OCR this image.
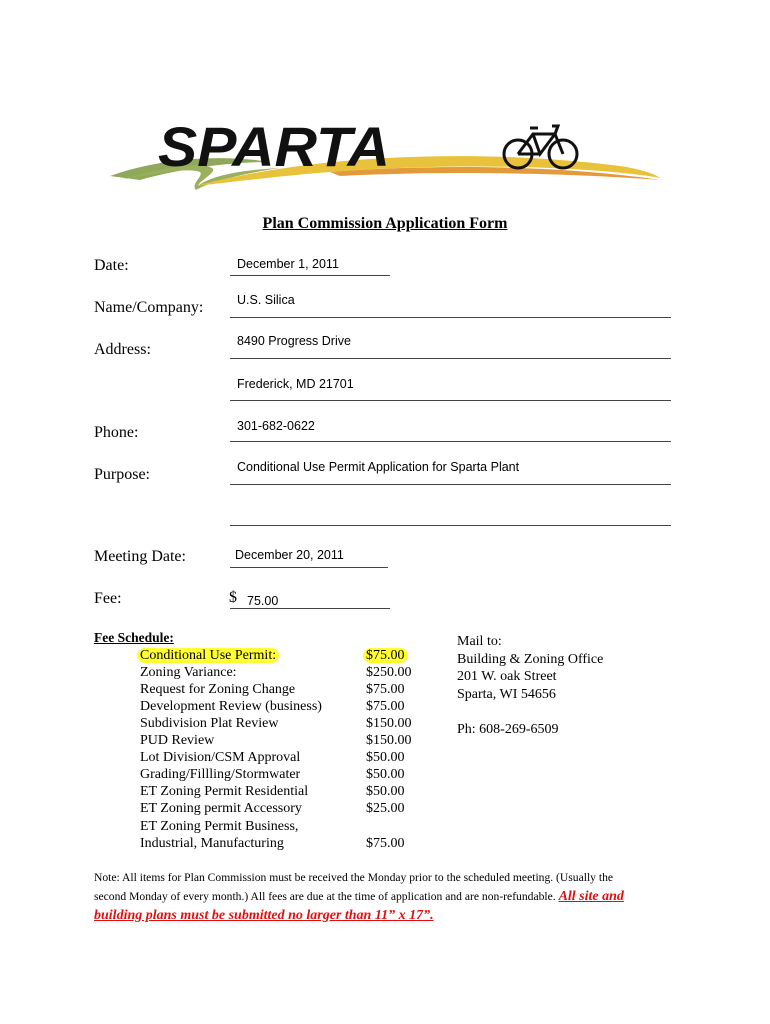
SPARTA
Plan Commission Application Form
Date:	December 1, 2011
Name/Company:	U.S. Silica
Address:	8490 Progress Drive
Frederick, MD 21701
Phone:	301-682-0622
Purpose:	Conditional Use Permit Application for Sparta Plant
Meeting Date:	December 20, 2011
Fee:	$ 75.00
Fee Schedule:
Conditional Use Permit:	$75.00
Zoning Variance:	$250.00
Request for Zoning Change	$75.00
Development Review (business)	$75.00
Subdivision Plat Review	$150.00
PUD Review	$150.00
Lot Division/CSM Approval	$50.00
Grading/Fillling/Stormwater	$50.00
ET Zoning Permit Residential	$50.00
ET Zoning permit Accessory	$25.00
ET Zoning Permit Business,
Industrial, Manufacturing	$75.00
Mail to:
Building & Zoning Office
201 W. oak Street
Sparta, WI 54656
Ph: 608-269-6509
Note: All items for Plan Commission must be received the Monday prior to the scheduled meeting. (Usually the
second Monday of every month.) All fees are due at the time of application and are non-refundable. All site and
building plans must be submitted no larger than 11” x 17”.
